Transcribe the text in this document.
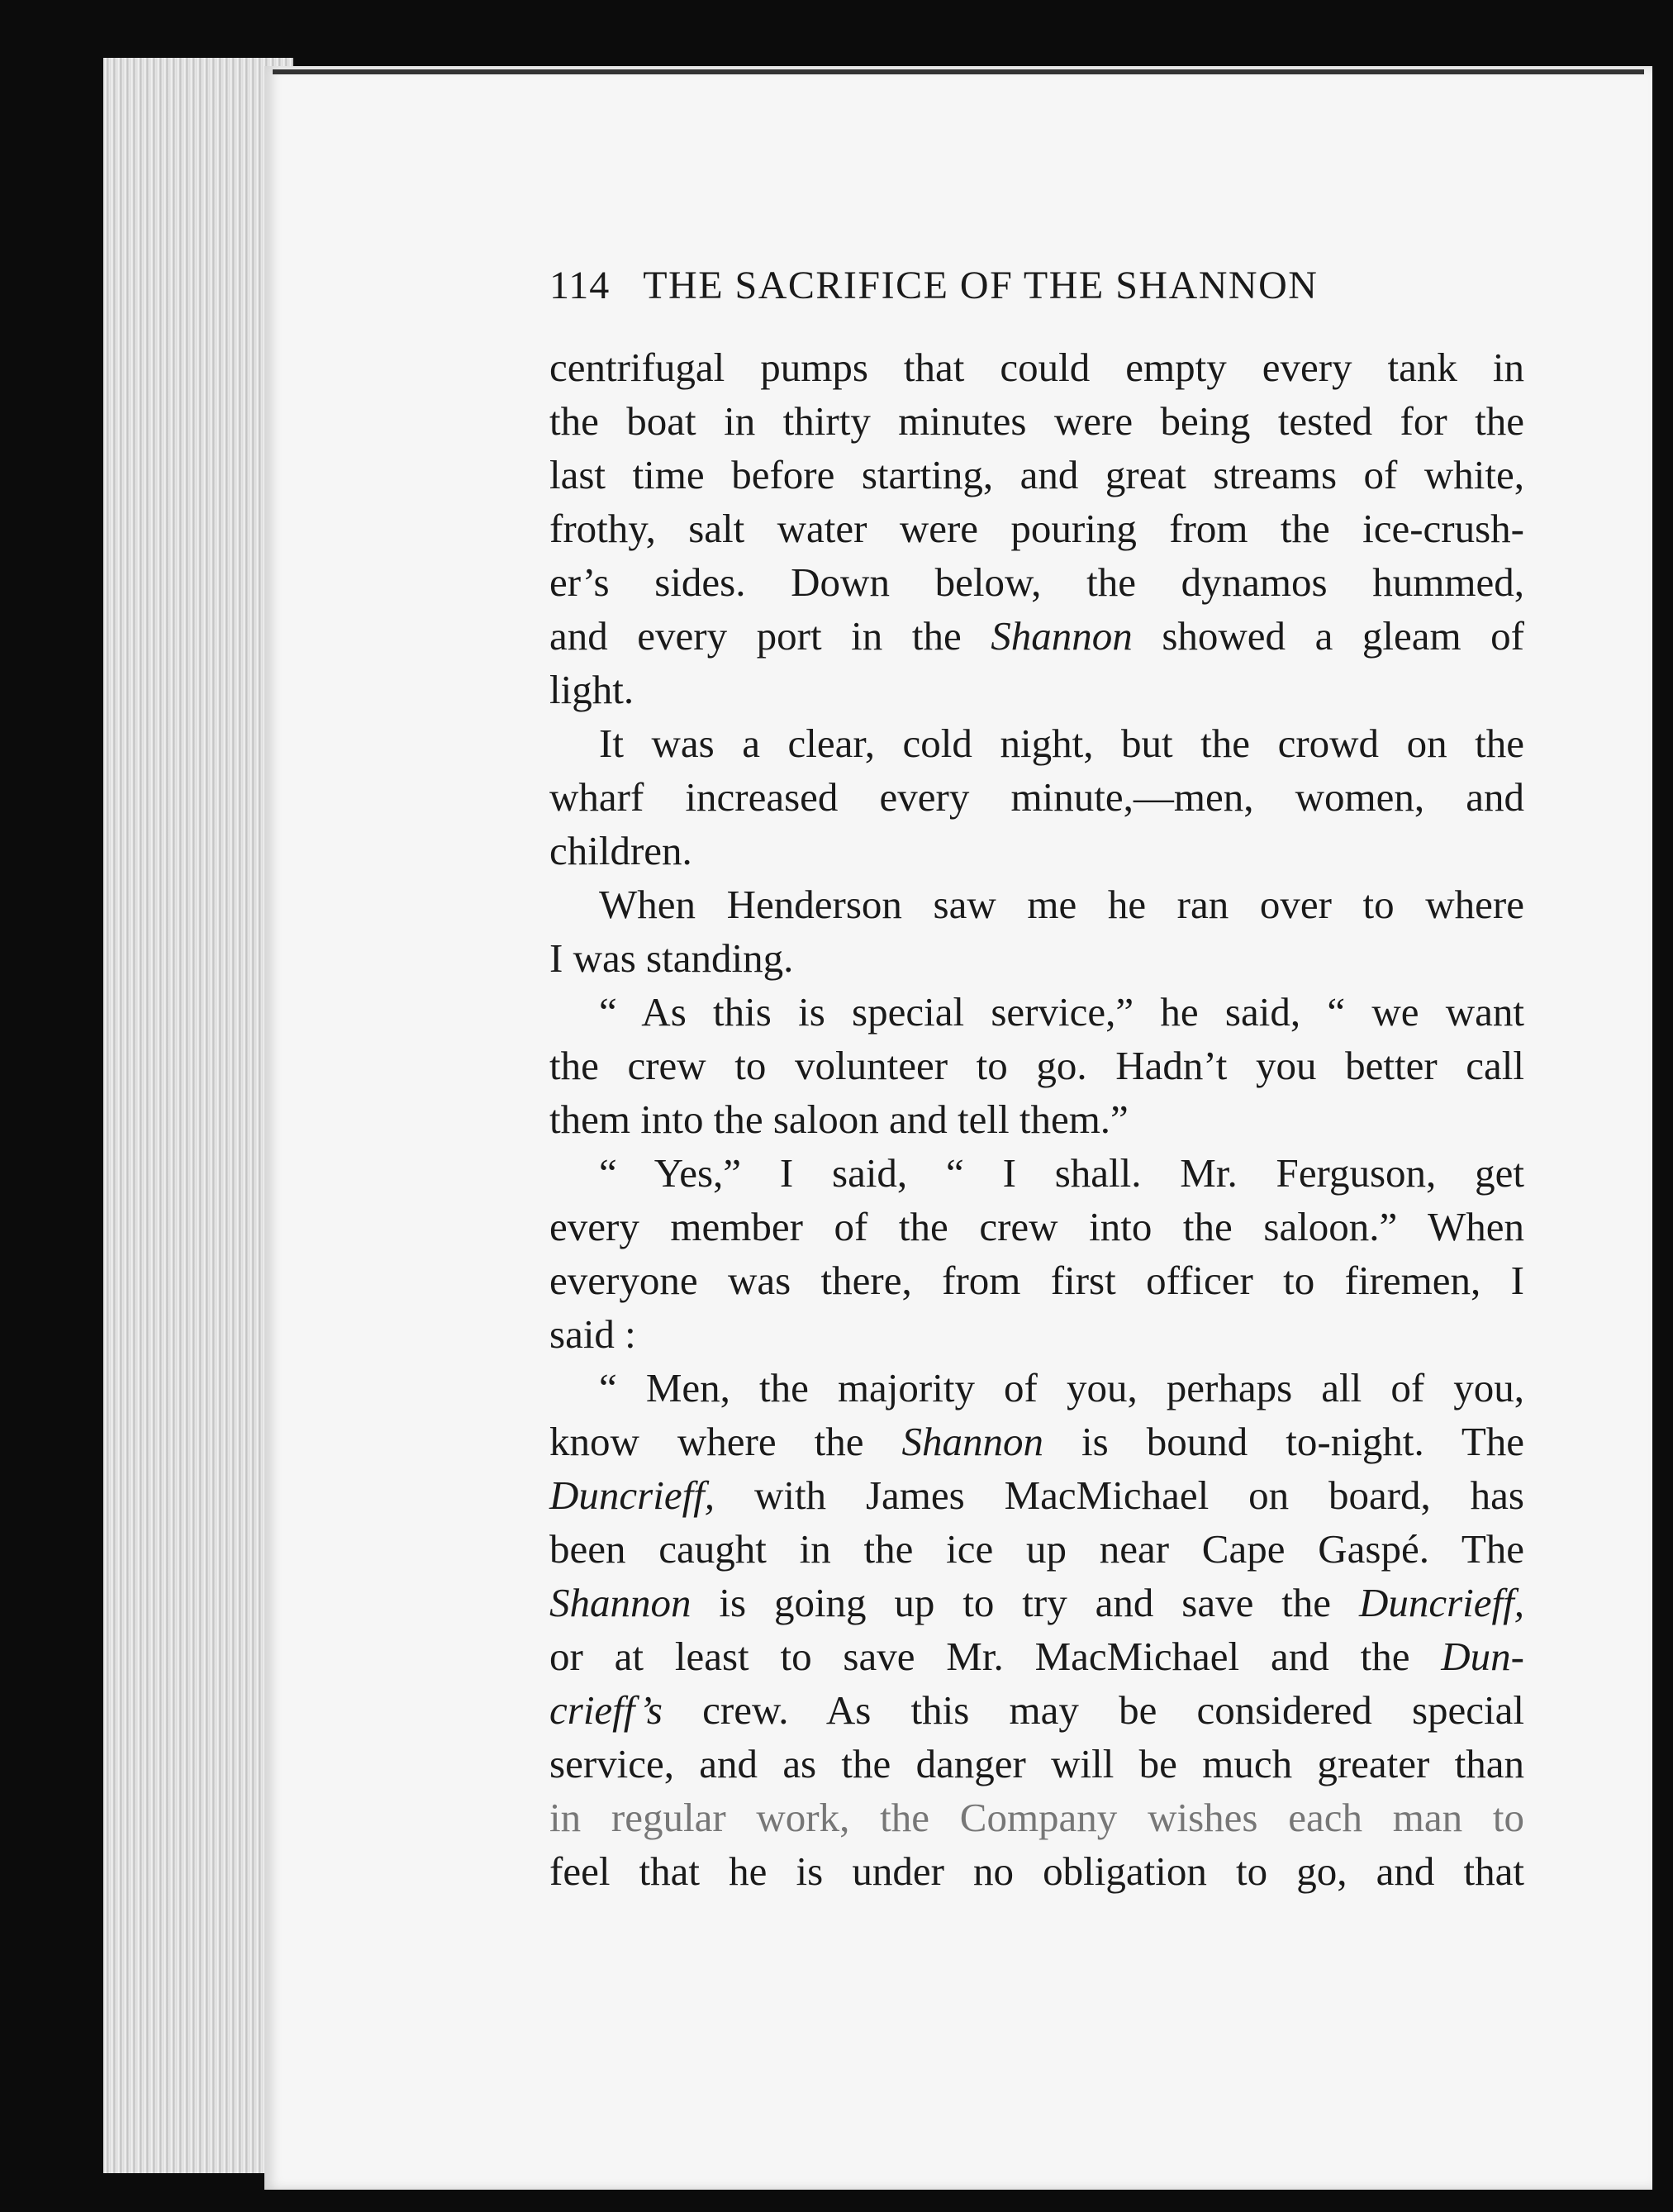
114 THE SACRIFICE OF THE SHANNON
centrifugal pumps that could empty every tank in
the boat in thirty minutes were being tested for the
last time before starting, and great streams of white,
frothy, salt water were pouring from the ice-crush-
er’s sides. Down below, the dynamos hummed,
and every port in the Shannon showed a gleam of
light.
It was a clear, cold night, but the crowd on the
wharf increased every minute,—men, women, and
children.
When Henderson saw me he ran over to where
I was standing.
“ As this is special service,” he said, “ we want
the crew to volunteer to go. Hadn’t you better call
them into the saloon and tell them.”
“ Yes,” I said, “ I shall. Mr. Ferguson, get
every member of the crew into the saloon.” When
everyone was there, from first officer to firemen, I
said :
“ Men, the majority of you, perhaps all of you,
know where the Shannon is bound to-night. The
Duncrieff, with James MacMichael on board, has
been caught in the ice up near Cape Gaspé. The
Shannon is going up to try and save the Duncrieff,
or at least to save Mr. MacMichael and the Dun-
crieff’s crew. As this may be considered special
service, and as the danger will be much greater than
in regular work, the Company wishes each man to
feel that he is under no obligation to go, and that
